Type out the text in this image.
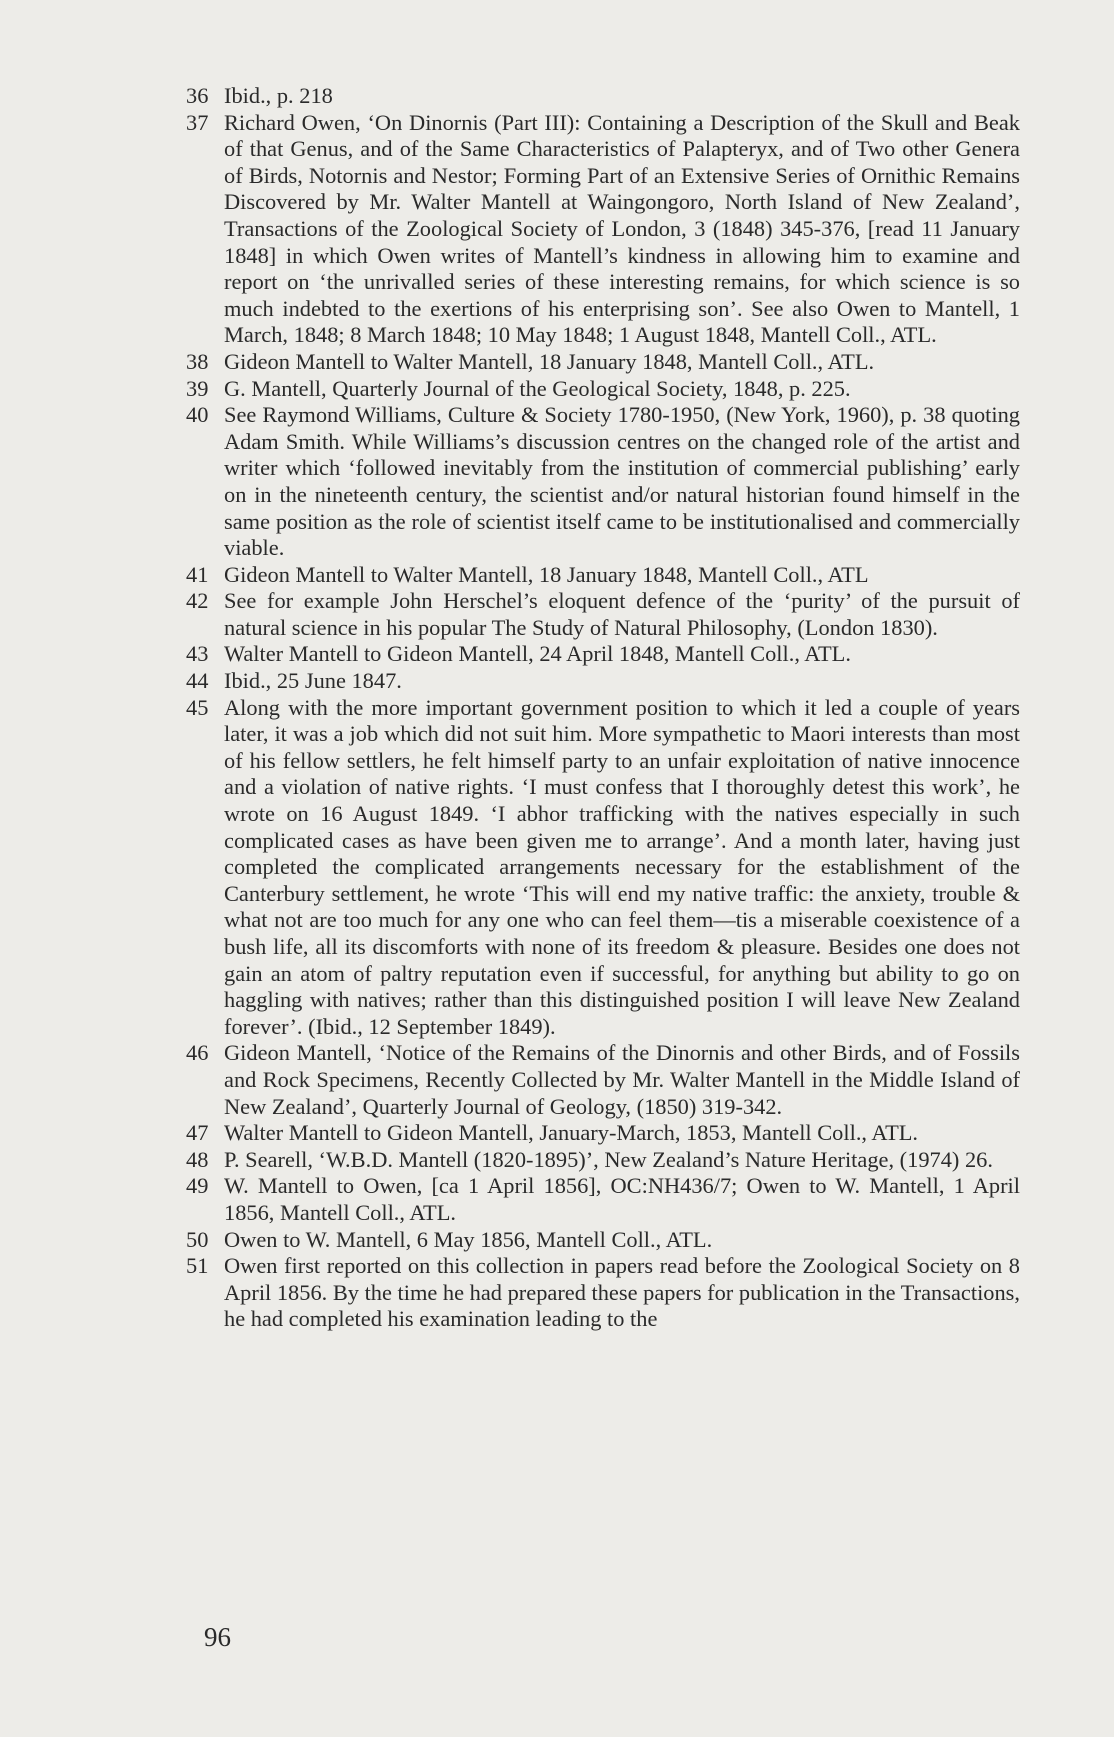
36 Ibid., p. 218
37 Richard Owen, ‘On Dinornis (Part III): Containing a Description of the Skull and Beak of that Genus, and of the Same Characteristics of Palapteryx, and of Two other Genera of Birds, Notornis and Nestor; Forming Part of an Extensive Series of Ornithic Remains Discovered by Mr. Walter Mantell at Waingongoro, North Island of New Zealand’, Transactions of the Zoological Society of London, 3 (1848) 345-376, [read 11 January 1848] in which Owen writes of Mantell’s kindness in allowing him to examine and report on ‘the unrivalled series of these interesting remains, for which science is so much indebted to the exertions of his enterprising son’. See also Owen to Mantell, 1 March, 1848; 8 March 1848; 10 May 1848; 1 August 1848, Mantell Coll., ATL.
38 Gideon Mantell to Walter Mantell, 18 January 1848, Mantell Coll., ATL.
39 G. Mantell, Quarterly Journal of the Geological Society, 1848, p. 225.
40 See Raymond Williams, Culture & Society 1780-1950, (New York, 1960), p. 38 quoting Adam Smith. While Williams’s discussion centres on the changed role of the artist and writer which ‘followed inevitably from the institution of commercial publishing’ early on in the nineteenth century, the scientist and/or natural historian found himself in the same position as the role of scientist itself came to be institutionalised and commercially viable.
41 Gideon Mantell to Walter Mantell, 18 January 1848, Mantell Coll., ATL
42 See for example John Herschel’s eloquent defence of the ‘purity’ of the pursuit of natural science in his popular The Study of Natural Philosophy, (London 1830).
43 Walter Mantell to Gideon Mantell, 24 April 1848, Mantell Coll., ATL.
44 Ibid., 25 June 1847.
45 Along with the more important government position to which it led a couple of years later, it was a job which did not suit him. More sympathetic to Maori interests than most of his fellow settlers, he felt himself party to an unfair exploitation of native innocence and a violation of native rights. ‘I must confess that I thoroughly detest this work’, he wrote on 16 August 1849. ‘I abhor trafficking with the natives especially in such complicated cases as have been given me to arrange’. And a month later, having just completed the complicated arrangements necessary for the establishment of the Canterbury settlement, he wrote ‘This will end my native traffic: the anxiety, trouble & what not are too much for any one who can feel them—tis a miserable coexistence of a bush life, all its discomforts with none of its freedom & pleasure. Besides one does not gain an atom of paltry reputation even if successful, for anything but ability to go on haggling with natives; rather than this distinguished position I will leave New Zealand forever’. (Ibid., 12 September 1849).
46 Gideon Mantell, ‘Notice of the Remains of the Dinornis and other Birds, and of Fossils and Rock Specimens, Recently Collected by Mr. Walter Mantell in the Middle Island of New Zealand’, Quarterly Journal of Geology, (1850) 319-342.
47 Walter Mantell to Gideon Mantell, January-March, 1853, Mantell Coll., ATL.
48 P. Searell, ‘W.B.D. Mantell (1820-1895)’, New Zealand’s Nature Heritage, (1974) 26.
49 W. Mantell to Owen, [ca 1 April 1856], OC:NH436/7; Owen to W. Mantell, 1 April 1856, Mantell Coll., ATL.
50 Owen to W. Mantell, 6 May 1856, Mantell Coll., ATL.
51 Owen first reported on this collection in papers read before the Zoological Society on 8 April 1856. By the time he had prepared these papers for publication in the Transactions, he had completed his examination leading to the
96
